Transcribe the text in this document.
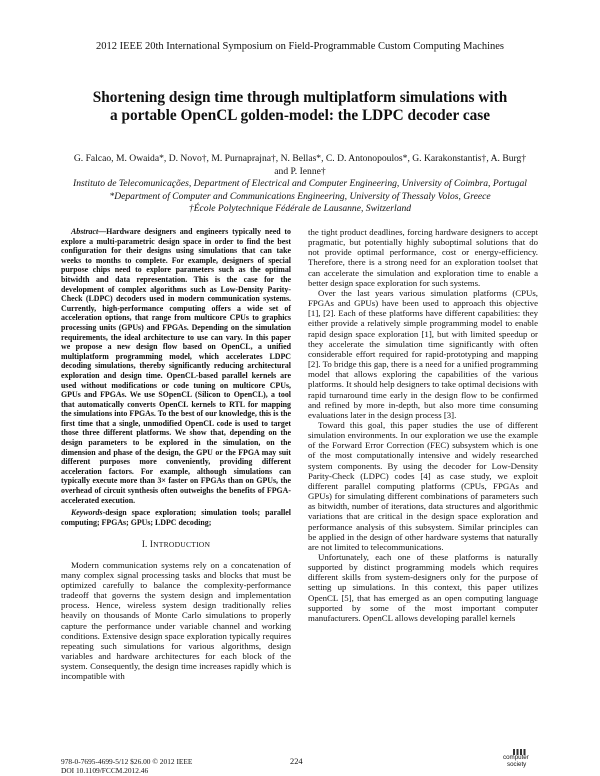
2012 IEEE 20th International Symposium on Field-Programmable Custom Computing Machines
Shortening design time through multiplatform simulations with
a portable OpenCL golden-model: the LDPC decoder case
G. Falcao, M. Owaida*, D. Novo†, M. Purnaprajna†, N. Bellas*, C. D. Antonopoulos*, G. Karakonstantis†, A. Burg†
and P. Ienne†
Instituto de Telecomunicações, Department of Electrical and Computer Engineering, University of Coimbra, Portugal
*Department of Computer and Communications Engineering, University of Thessaly Volos, Greece
†École Polytechnique Fédérale de Lausanne, Switzerland

Abstract—Hardware designers and engineers typically need to explore a multi-parametric design space in order to find the best configuration for their designs using simulations that can take weeks to months to complete. For example, designers of special purpose chips need to explore parameters such as the optimal bitwidth and data representation. This is the case for the development of complex algorithms such as Low-Density Parity-Check (LDPC) decoders used in modern communication systems. Currently, high-performance computing offers a wide set of acceleration options, that range from multicore CPUs to graphics processing units (GPUs) and FPGAs. Depending on the simulation requirements, the ideal architecture to use can vary. In this paper we propose a new design flow based on OpenCL, a unified multiplatform programming model, which accelerates LDPC decoding simulations, thereby significantly reducing architectural exploration and design time. OpenCL-based parallel kernels are used without modifications or code tuning on multicore CPUs, GPUs and FPGAs. We use SOpenCL (Silicon to OpenCL), a tool that automatically converts OpenCL kernels to RTL for mapping the simulations into FPGAs. To the best of our knowledge, this is the first time that a single, unmodified OpenCL code is used to target those three different platforms. We show that, depending on the design parameters to be explored in the simulation, on the dimension and phase of the design, the GPU or the FPGA may suit different purposes more conveniently, providing different acceleration factors. For example, although simulations can typically execute more than 3× faster on FPGAs than on GPUs, the overhead of circuit synthesis often outweighs the benefits of FPGA-accelerated execution.

Keywords-design space exploration; simulation tools; parallel computing; FPGAs; GPUs; LDPC decoding;

I. INTRODUCTION

Modern communication systems rely on a concatenation of many complex signal processing tasks and blocks that must be optimized carefully to balance the complexity-performance tradeoff that governs the system design and implementation process. Hence, wireless system design traditionally relies heavily on thousands of Monte Carlo simulations to properly capture the performance under variable channel and working conditions. Extensive design space exploration typically requires repeating such simulations for various algorithms, design variables and hardware architectures for each block of the system. Consequently, the design time increases rapidly which is incompatible with

the tight product deadlines, forcing hardware designers to accept pragmatic, but potentially highly suboptimal solutions that do not provide optimal performance, cost or energy-efficiency. Therefore, there is a strong need for an exploration toolset that can accelerate the simulation and exploration time to enable a better design space exploration for such systems.

Over the last years various simulation platforms (CPUs, FPGAs and GPUs) have been used to approach this objective [1], [2]. Each of these platforms have different capabilities: they either provide a relatively simple programming model to enable rapid design space exploration [1], but with limited speedup or they accelerate the simulation time significantly with often considerable effort required for rapid-prototyping and mapping [2]. To bridge this gap, there is a need for a unified programming model that allows exploring the capabilities of the various platforms. It should help designers to take optimal decisions with rapid turnaround time early in the design flow to be confirmed and refined by more in-depth, but also more time consuming evaluations later in the design process [3].

Toward this goal, this paper studies the use of different simulation environments. In our exploration we use the example of the Forward Error Correction (FEC) subsystem which is one of the most computationally intensive and widely researched system components. By using the decoder for Low-Density Parity-Check (LDPC) codes [4] as case study, we exploit different parallel computing platforms (CPUs, FPGAs and GPUs) for simulating different combinations of parameters such as bitwidth, number of iterations, data structures and algorithmic variations that are critical in the design space exploration and performance analysis of this subsystem. Similar principles can be applied in the design of other hardware systems that naturally are not limited to telecommunications.

Unfortunately, each one of these platforms is naturally supported by distinct programming models which requires different skills from system-designers only for the purpose of setting up simulations. In this context, this paper utilizes OpenCL [5], that has emerged as an open computing language supported by some of the most important computer manufacturers. OpenCL allows developing parallel kernels

978-0-7695-4699-5/12 $26.00 © 2012 IEEE
DOI 10.1109/FCCM.2012.46
224	computer
society
